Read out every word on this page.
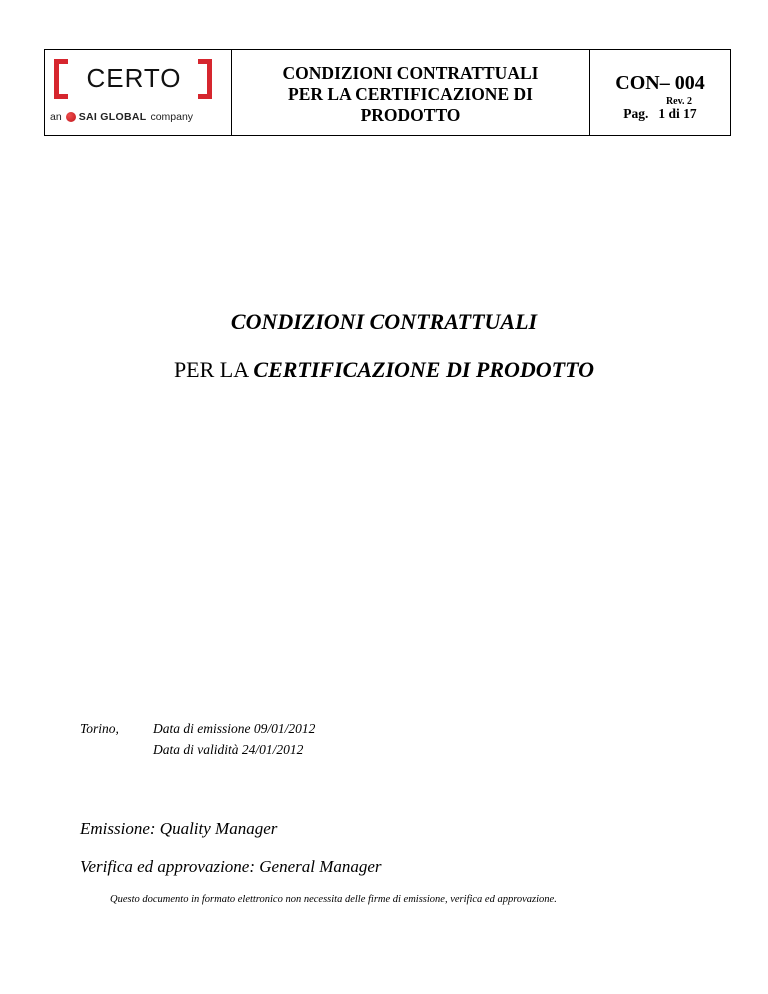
CERTO
an SAI GLOBAL company
CONDIZIONI CONTRATTUALI
PER LA CERTIFICAZIONE DI
PRODOTTO
CON– 004
Rev. 2
Pag. 1 di 17
CONDIZIONI CONTRATTUALI
PER LA CERTIFICAZIONE DI PRODOTTO
Torino,	Data di emissione 09/01/2012
Data di validità 24/01/2012
Emissione: Quality Manager
Verifica ed approvazione: General Manager
Questo documento in formato elettronico non necessita delle firme di emissione, verifica ed approvazione.
